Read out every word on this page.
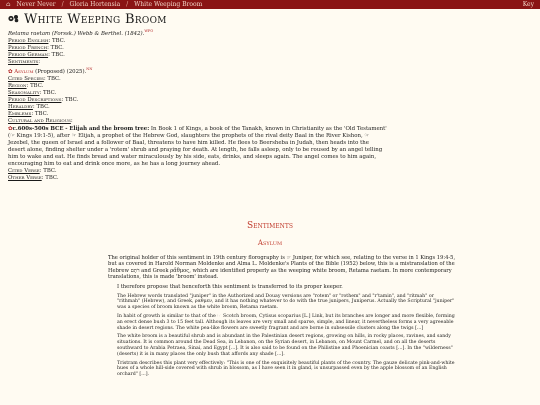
⌂ Never Never / Gloria Hortensia / White Weeping Broom	Key
White Weeping Broom
Retama raetam (Forssk.) Webb & Berthel. (1842).$^{WFO}$
Period English: TBC.
Period French: TBC.
Period German: TBC.
Sentiments:
✿ Asylum (Proposed) (2025).$^{NN}$
Cited Species: TBC.
Region: TBC.
Seasonality: TBC.
Period Descriptions: TBC.
Heraldry: TBC.
Emblems: TBC.
Cultural and Religious:
✿c.600s-500s BCE - Elijah and the broom tree: In Book 1 of Kings, a book of the Tanakh, known in Christianity as the 'Old Testament' (☞ Kings 19:1-5), after ☞ Elijah, a prophet of the Hebrew God, slaughters the prophets of the rival deity Baal in the River Kishon, ☞ Jezebel, the queen of Israel and a follower of Baal, threatens to have him killed. He flees to Beersheba in Judah, then heads into the desert alone, finding shelter under a 'rotem' shrub and praying for death. At length, he falls asleep, only to be roused by an angel telling him to wake and eat. He finds bread and water miraculously by his side, eats, drinks, and sleeps again. The angel comes to him again, encouraging him to eat and drink once more, as he has a long journey ahead.
Cited Verse: TBC.
Other Verse: TBC.
Sentiments
Asylum

The original holder of this sentiment in 19th century florography is ☞ Juniper, for which see, relating to the verse in 1 Kings 19:4-5, but as covered in Harold Norman Moldenke and Alma L. Moldenke's Plants of the Bible (1952) below, this is a mistranslation of the Hebrew רֹתֶם and Greek ρᾰ́θμος, which are identified properly as the weeping white broom, Retama raetam. In more contemporary translations, this is made 'broom' instead.

I therefore propose that henceforth this sentiment is transferred to its proper keeper.

The Hebrew words translated "juniper" in the Authorized and Douay versions are "rotem" or "rothem" and "r'tamin", and "ritmah" or "rithmah" (Hebrew), and Greek, ραθμεν, and it has nothing whatever to do with the true junipers, Juniperus. Actually the Scriptural "juniper" was a species of broom known as the white broom, Retama raetam.

In habit of growth is similar to that of the ☞ Scotch broom, Cytisus scoparius [L.] Link, but its branches are longer and more flexible, forming an erect dense bush 3 to 15 feet tall. Although its leaves are very small and sparse, simple, and linear, it nevertheless forms a very agreeable shade in desert regions. The white pea-like flowers are sweetly fragrant and are borne in subsessile clusters along the twigs [...]

The white broom is a beautiful shrub and is abundant in the Palestinian desert regions, growing on hills, in rocky places, ravines, and sandy situations. It is common around the Dead Sea, in Lebanon, on the Syrian desert, in Lebanon, on Mount Carmel, and on all the deserts southward to Arabia Petraea, Sinai, and Egypt [...]. It is also said to be found on the Philistine and Phoenician coasts [...]. In the "wilderness" (deserts) it is in many places the only bush that affords any shade [...].

Tristram describes this plant very effectively: "This is one of the exquisitely beautiful plants of the country. The gauze delicate pink-and-white hues of a whole hill-side covered with shrub in blossom, as I have seen it in gland, is unsurpassed even by the apple blossom of an English orchard" [...].
